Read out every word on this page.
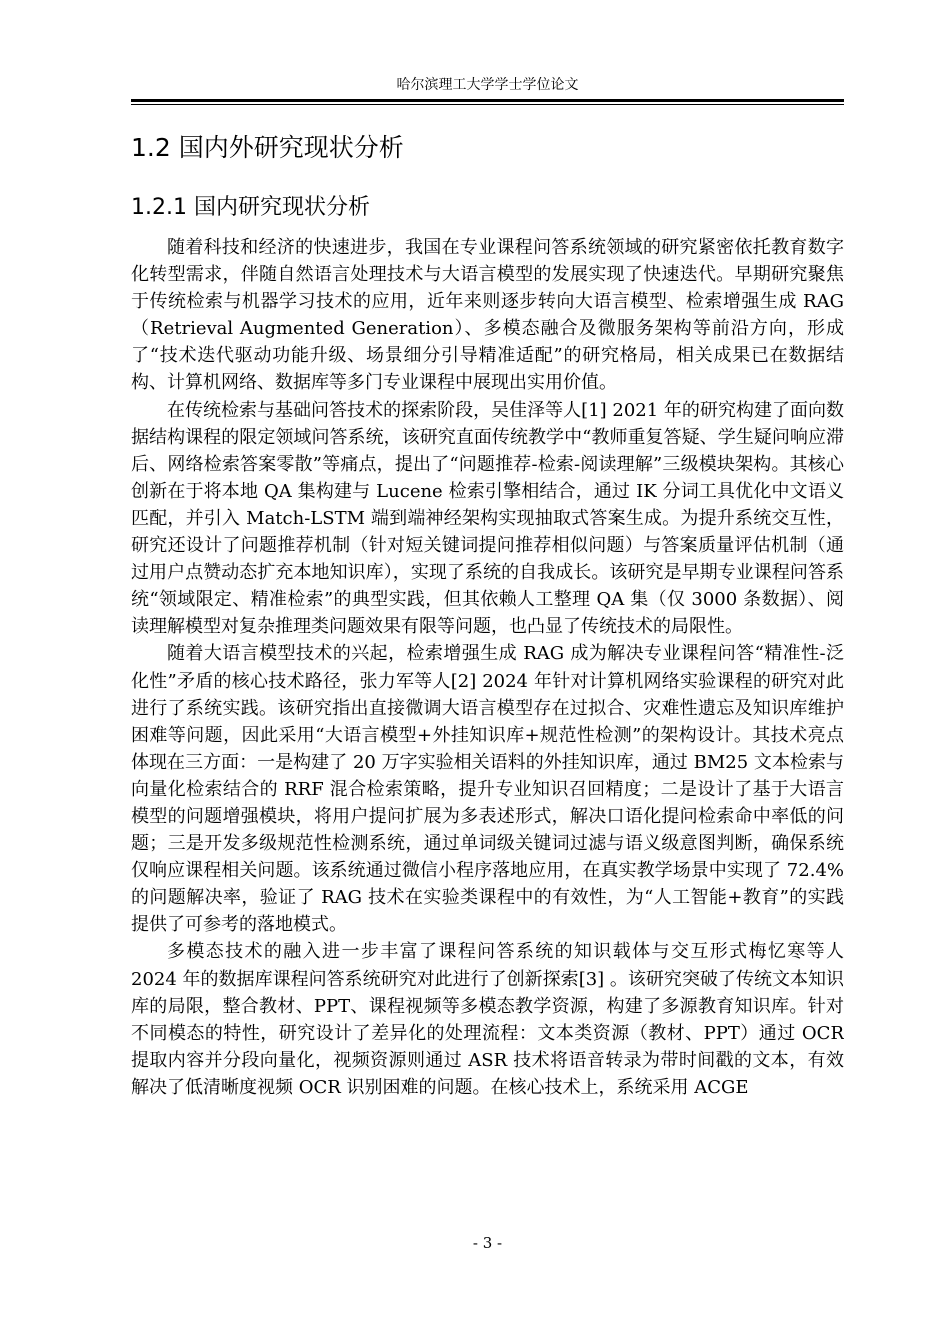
哈尔滨理工大学学士学位论文
1.2 国内外研究现状分析
1.2.1 国内研究现状分析

随着科技和经济的快速进步，我国在专业课程问答系统领域的研究紧密依托教育数字化转型需求，伴随自然语言处理技术与大语言模型的发展实现了快速迭代。早期研究聚焦于传统检索与机器学习技术的应用，近年来则逐步转向大语言模型、检索增强生成 RAG（Retrieval Augmented Generation）、多模态融合及微服务架构等前沿方向，形成了“技术迭代驱动功能升级、场景细分引导精准适配”的研究格局，相关成果已在数据结构、计算机网络、数据库等多门专业课程中展现出实用价值。

在传统检索与基础问答技术的探索阶段，吴佳泽等人[1] 2021 年的研究构建了面向数据结构课程的限定领域问答系统，该研究直面传统教学中“教师重复答疑、学生疑问响应滞后、网络检索答案零散”等痛点，提出了“问题推荐-检索-阅读理解”三级模块架构。其核心创新在于将本地 QA 集构建与 Lucene 检索引擎相结合，通过 IK 分词工具优化中文语义匹配，并引入 Match-LSTM 端到端神经架构实现抽取式答案生成。为提升系统交互性，研究还设计了问题推荐机制（针对短关键词提问推荐相似问题）与答案质量评估机制（通过用户点赞动态扩充本地知识库），实现了系统的自我成长。该研究是早期专业课程问答系统“领域限定、精准检索”的典型实践，但其依赖人工整理 QA 集（仅 3000 条数据）、阅读理解模型对复杂推理类问题效果有限等问题，也凸显了传统技术的局限性。

随着大语言模型技术的兴起，检索增强生成 RAG 成为解决专业课程问答“精准性-泛化性”矛盾的核心技术路径，张力军等人[2] 2024 年针对计算机网络实验课程的研究对此进行了系统实践。该研究指出直接微调大语言模型存在过拟合、灾难性遗忘及知识库维护困难等问题，因此采用“大语言模型+外挂知识库+规范性检测”的架构设计。其技术亮点体现在三方面：一是构建了 20 万字实验相关语料的外挂知识库，通过 BM25 文本检索与向量化检索结合的 RRF 混合检索策略，提升专业知识召回精度；二是设计了基于大语言模型的问题增强模块，将用户提问扩展为多表述形式，解决口语化提问检索命中率低的问题；三是开发多级规范性检测系统，通过单词级关键词过滤与语义级意图判断，确保系统仅响应课程相关问题。该系统通过微信小程序落地应用，在真实教学场景中实现了 72.4%的问题解决率，验证了 RAG 技术在实验类课程中的有效性，为“人工智能+教育”的实践提供了可参考的落地模式。

多模态技术的融入进一步丰富了课程问答系统的知识载体与交互形式梅忆寒等人 2024 年的数据库课程问答系统研究对此进行了创新探索[3] 。该研究突破了传统文本知识库的局限，整合教材、PPT、课程视频等多模态教学资源，构建了多源教育知识库。针对不同模态的特性，研究设计了差异化的处理流程：文本类资源（教材、PPT）通过 OCR 提取内容并分段向量化，视频资源则通过 ASR 技术将语音转录为带时间戳的文本，有效解决了低清晰度视频 OCR 识别困难的问题。在核心技术上，系统采用 ACGE

- 3 -
